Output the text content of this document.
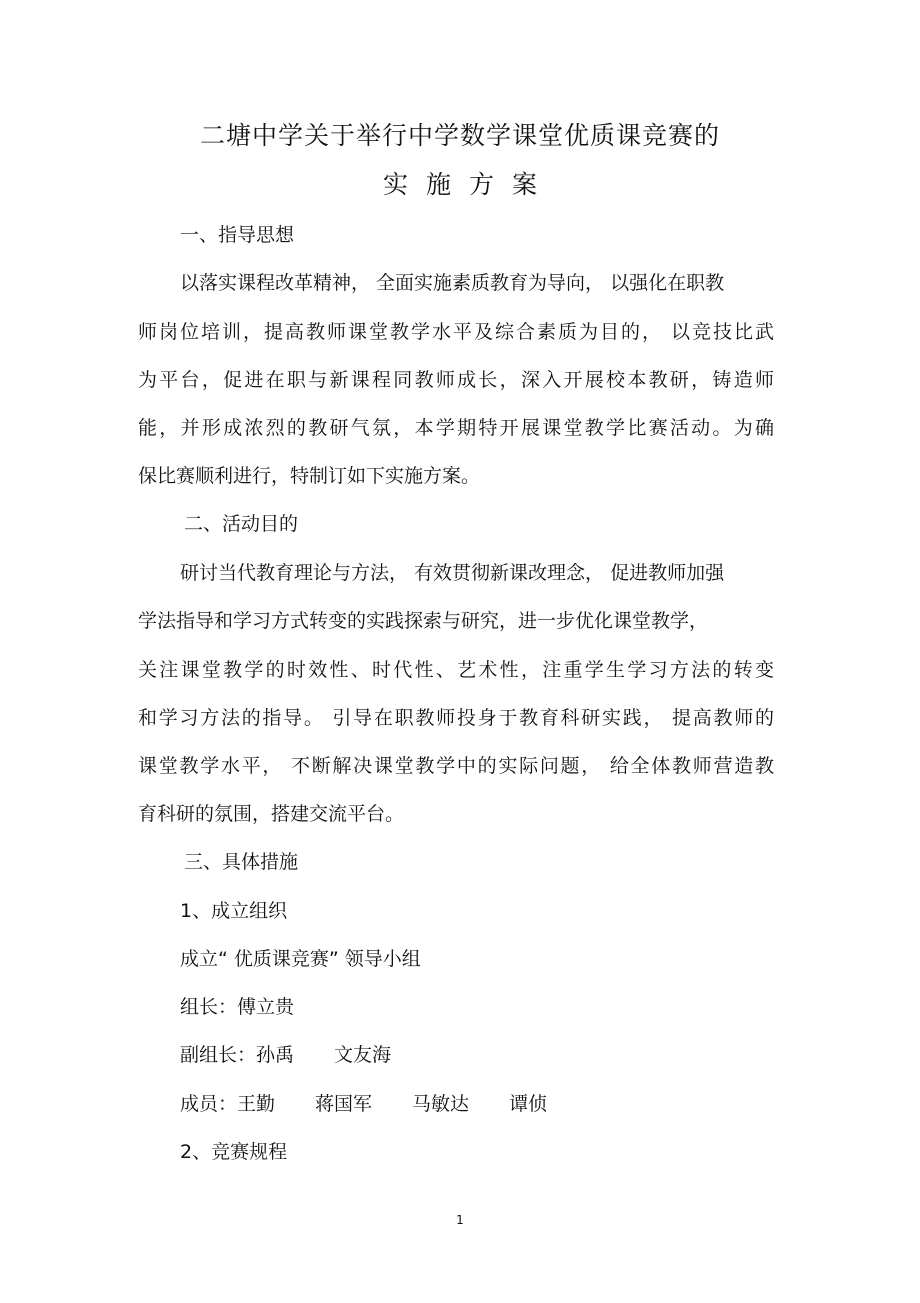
二塘中学关于举行中学数学课堂优质课竞赛的
实施方案
一、指导思想
以落实课程改革精神， 全面实施素质教育为导向， 以强化在职教
师岗位培训，提高教师课堂教学水平及综合素质为目的， 以竞技比武
为平台，促进在职与新课程同教师成长，深入开展校本教研，铸造师
能，并形成浓烈的教研气氛，本学期特开展课堂教学比赛活动。为确
保比赛顺利进行，特制订如下实施方案。
二、活动目的
研讨当代教育理论与方法， 有效贯彻新课改理念， 促进教师加强
学法指导和学习方式转变的实践探索与研究，进一步优化课堂教学，
关注课堂教学的时效性、时代性、艺术性，注重学生学习方法的转变
和学习方法的指导。 引导在职教师投身于教育科研实践， 提高教师的
课堂教学水平， 不断解决课堂教学中的实际问题， 给全体教师营造教
育科研的氛围，搭建交流平台。
三、具体措施
1、成立组织
成立“ 优质课竞赛” 领导小组
组长：傅立贵
副组长：孙禹 文友海
成员：王勤 蒋国军 马敏达 谭侦
2、竞赛规程
1
